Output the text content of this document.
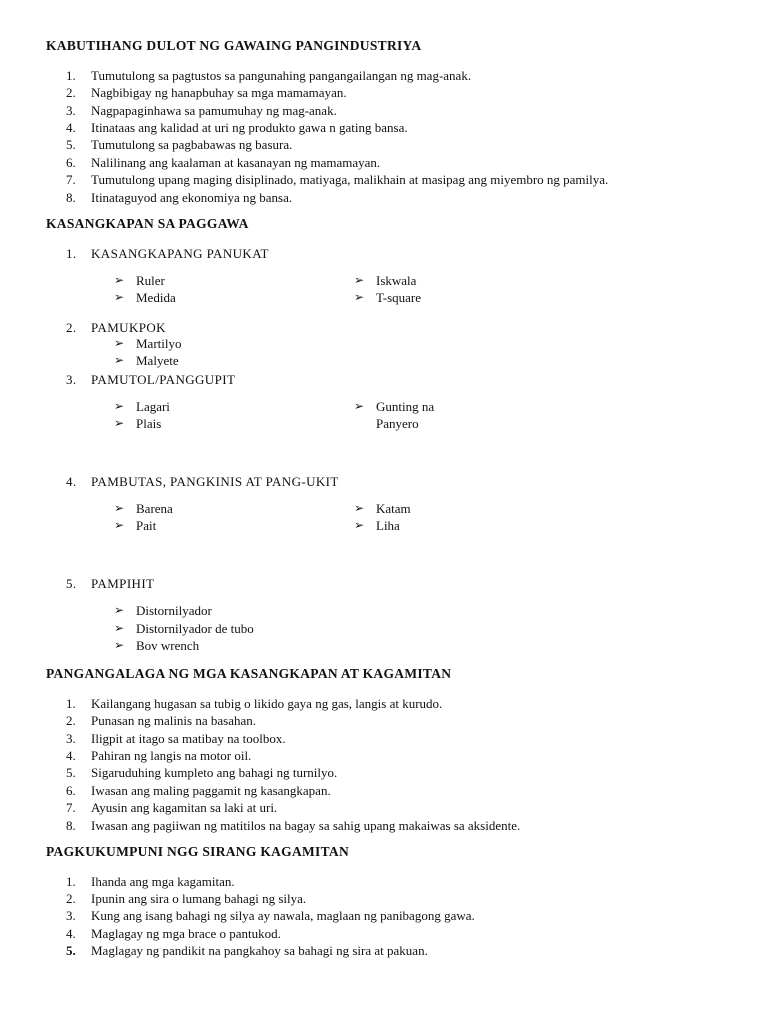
KABUTIHANG DULOT NG GAWAING PANGINDUSTRIYA
1.	Tumutulong sa pagtustos sa pangunahing pangangailangan ng mag-anak.
2.	Nagbibigay ng hanapbuhay sa mga mamamayan.
3.	Nagpapaginhawa sa pamumuhay ng mag-anak.
4.	Itinataas ang kalidad at uri ng produkto gawa n gating bansa.
5.	Tumutulong sa pagbabawas ng basura.
6.	Nalilinang ang kaalaman at kasanayan ng mamamayan.
7.	Tumutulong upang maging disiplinado, matiyaga, malikhain at masipag ang miyembro ng pamilya.
8.	Itinataguyod ang ekonomiya ng bansa.
KASANGKAPAN SA PAGGAWA
1.	KASANGKAPANG PANUKAT
➢ Ruler
➢ Medida
➢ Iskwala
➢ T-square
2.	PAMUKPOK
➢ Martilyo
➢ Malyete
3.	PAMUTOL/PANGGUPIT
➢ Lagari
➢ Plais
➢ Gunting na
Panyero
4.	PAMBUTAS, PANGKINIS AT PANG-UKIT
➢ Barena
➢ Pait
➢ Katam
➢ Liha
5.	PAMPIHIT
➢ Distornilyador
➢ Distornilyador de tubo
➢ Bov wrench
PANGANGALAGA NG MGA KASANGKAPAN AT KAGAMITAN
1.	Kailangang hugasan sa tubig o likido gaya ng gas, langis at kurudo.
2.	Punasan ng malinis na basahan.
3.	Iligpit at itago sa matibay na toolbox.
4.	Pahiran ng langis na motor oil.
5.	Sigaruduhing kumpleto ang bahagi ng turnilyo.
6.	Iwasan ang maling paggamit ng kasangkapan.
7.	Ayusin ang kagamitan sa laki at uri.
8.	Iwasan ang pagiiwan ng matitilos na bagay sa sahig upang makaiwas sa aksidente.
PAGKUKUMPUNI NGG SIRANG KAGAMITAN
1.	Ihanda ang mga kagamitan.
2.	Ipunin ang sira o lumang bahagi ng silya.
3.	Kung ang isang bahagi ng silya ay nawala, maglaan ng panibagong gawa.
4.	Maglagay ng mga brace o pantukod.
5.	Maglagay ng pandikit na pangkahoy sa bahagi ng sira at pakuan.
